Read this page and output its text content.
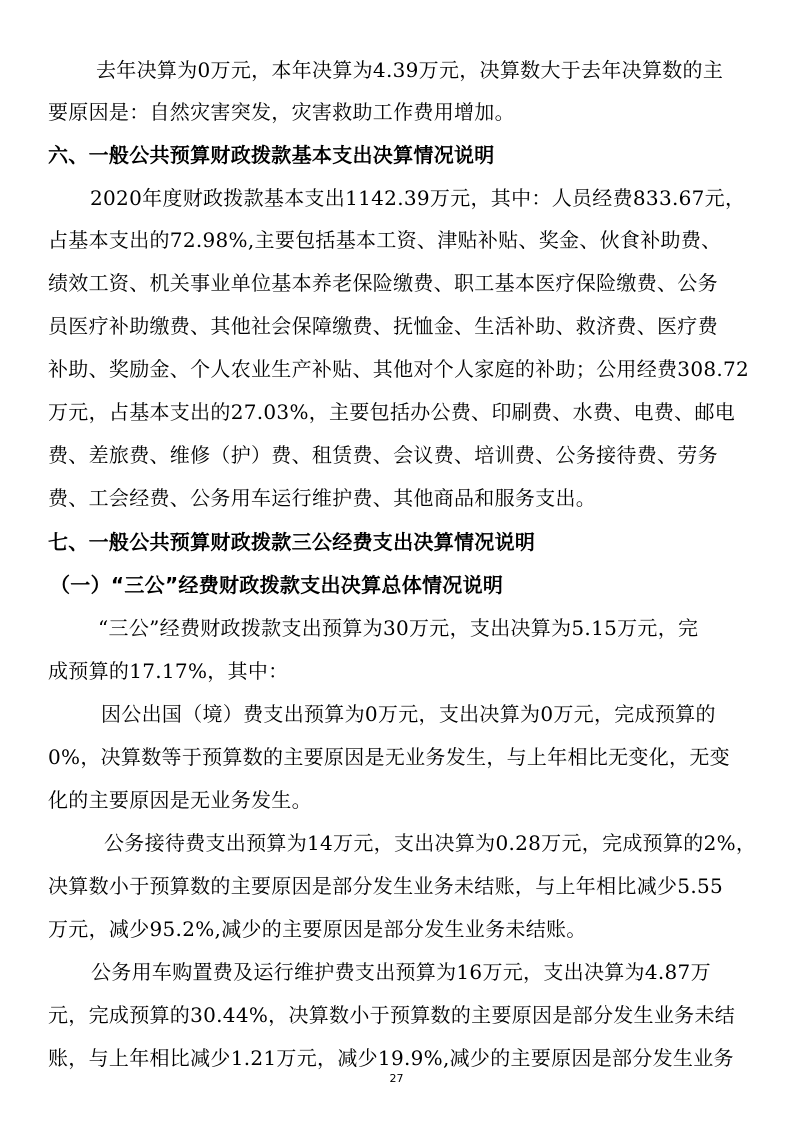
去年决算为0万元，本年决算为4.39万元，决算数大于去年决算数的主
要原因是：自然灾害突发，灾害救助工作费用增加。
六、一般公共预算财政拨款基本支出决算情况说明
2020年度财政拨款基本支出1142.39万元，其中：人员经费833.67元，
占基本支出的72.98%,主要包括基本工资、津贴补贴、奖金、伙食补助费、
绩效工资、机关事业单位基本养老保险缴费、职工基本医疗保险缴费、公务
员医疗补助缴费、其他社会保障缴费、抚恤金、生活补助、救济费、医疗费
补助、奖励金、个人农业生产补贴、其他对个人家庭的补助；公用经费308.72
万元，占基本支出的27.03%，主要包括办公费、印刷费、水费、电费、邮电
费、差旅费、维修（护）费、租赁费、会议费、培训费、公务接待费、劳务
费、工会经费、公务用车运行维护费、其他商品和服务支出。
七、一般公共预算财政拨款三公经费支出决算情况说明
（一）“三公”经费财政拨款支出决算总体情况说明
“三公”经费财政拨款支出预算为30万元，支出决算为5.15万元，完
成预算的17.17%，其中：
因公出国（境）费支出预算为0万元，支出决算为0万元，完成预算的
0%，决算数等于预算数的主要原因是无业务发生，与上年相比无变化，无变
化的主要原因是无业务发生。
公务接待费支出预算为14万元，支出决算为0.28万元，完成预算的2%，
决算数小于预算数的主要原因是部分发生业务未结账，与上年相比减少5.55
万元，减少95.2%,减少的主要原因是部分发生业务未结账。
公务用车购置费及运行维护费支出预算为16万元，支出决算为4.87万
元，完成预算的30.44%，决算数小于预算数的主要原因是部分发生业务未结
账，与上年相比减少1.21万元，减少19.9%,减少的主要原因是部分发生业务
27
